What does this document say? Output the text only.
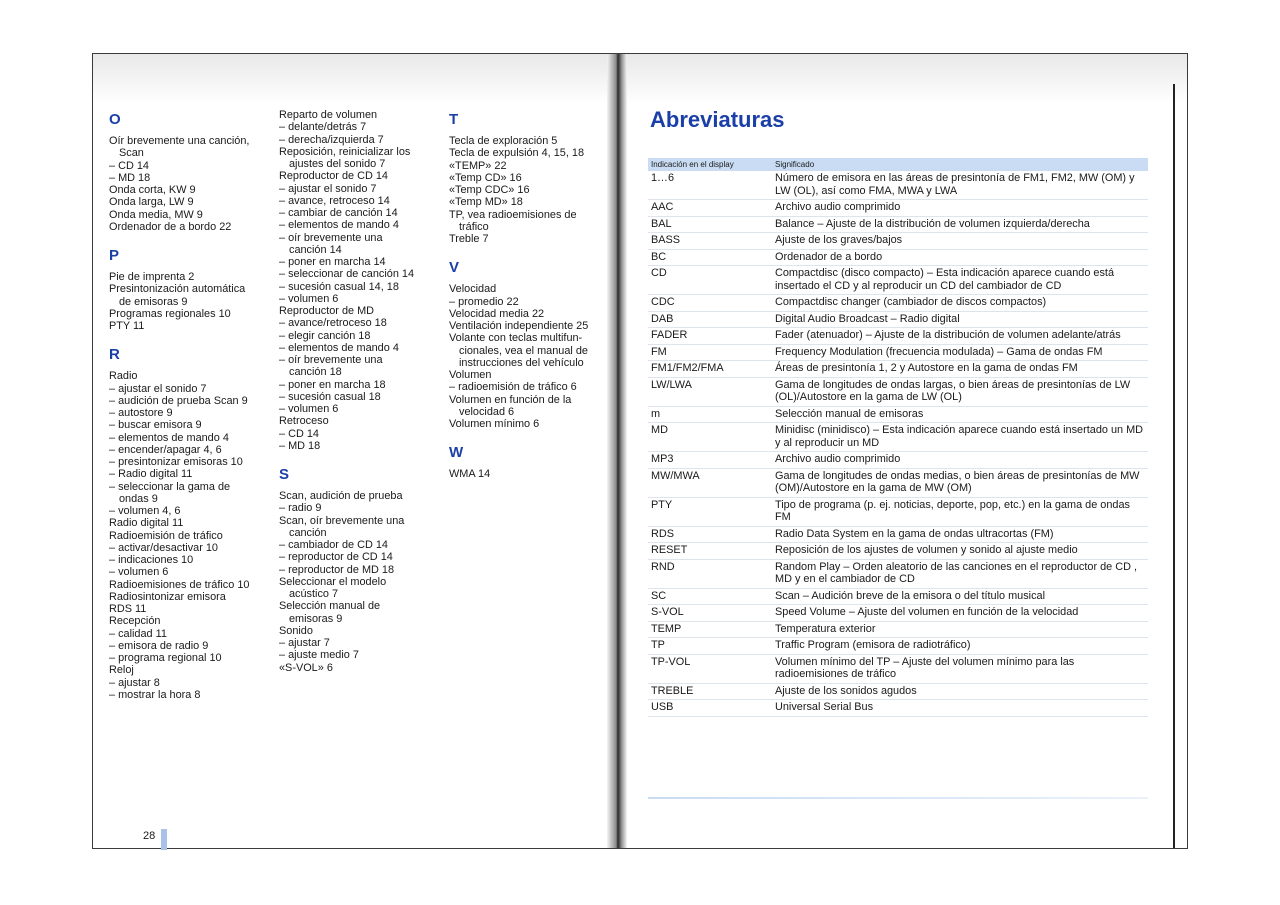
O
Oír brevemente una canción,
Scan
– CD 14
– MD 18
Onda corta, KW 9
Onda larga, LW 9
Onda media, MW 9
Ordenador de a bordo 22
P
Pie de imprenta 2
Presintonización automática
de emisoras 9
Programas regionales 10
PTY 11
R
Radio
– ajustar el sonido 7
– audición de prueba Scan 9
– autostore 9
– buscar emisora 9
– elementos de mando 4
– encender/apagar 4, 6
– presintonizar emisoras 10
– Radio digital 11
– seleccionar la gama de
ondas 9
– volumen 4, 6
Radio digital 11
Radioemisión de tráfico
– activar/desactivar 10
– indicaciones 10
– volumen 6
Radioemisiones de tráfico 10
Radiosintonizar emisora
RDS 11
Recepción
– calidad 11
– emisora de radio 9
– programa regional 10
Reloj
– ajustar 8
– mostrar la hora 8
Reparto de volumen
– delante/detrás 7
– derecha/izquierda 7
Reposición, reinicializar los
ajustes del sonido 7
Reproductor de CD 14
– ajustar el sonido 7
– avance, retroceso 14
– cambiar de canción 14
– elementos de mando 4
– oír brevemente una
canción 14
– poner en marcha 14
– seleccionar de canción 14
– sucesión casual 14, 18
– volumen 6
Reproductor de MD
– avance/retroceso 18
– elegir canción 18
– elementos de mando 4
– oír brevemente una
canción 18
– poner en marcha 18
– sucesión casual 18
– volumen 6
Retroceso
– CD 14
– MD 18
S
Scan, audición de prueba
– radio 9
Scan, oír brevemente una
canción
– cambiador de CD 14
– reproductor de CD 14
– reproductor de MD 18
Seleccionar el modelo
acústico 7
Selección manual de
emisoras 9
Sonido
– ajustar 7
– ajuste medio 7
«S-VOL» 6
T
Tecla de exploración 5
Tecla de expulsión 4, 15, 18
«TEMP» 22
«Temp CD» 16
«Temp CDC» 16
«Temp MD» 18
TP, vea radioemisiones de
tráfico
Treble 7
V
Velocidad
– promedio 22
Velocidad media 22
Ventilación independiente 25
Volante con teclas multifun-
cionales, vea el manual de
instrucciones del vehículo
Volumen
– radioemisión de tráfico 6
Volumen en función de la
velocidad 6
Volumen mínimo 6
W
WMA 14
28
Abreviaturas
Indicación en el display	Significado
1…6	Número de emisora en las áreas de presintonía de FM1, FM2, MW (OM) y LW (OL), así como FMA, MWA y LWA
AAC	Archivo audio comprimido
BAL	Balance – Ajuste de la distribución de volumen izquierda/derecha
BASS	Ajuste de los graves/bajos
BC	Ordenador de a bordo
CD	Compactdisc (disco compacto) – Esta indicación aparece cuando está insertado el CD y al reproducir un CD del cambiador de CD
CDC	Compactdisc changer (cambiador de discos compactos)
DAB	Digital Audio Broadcast – Radio digital
FADER	Fader (atenuador) – Ajuste de la distribución de volumen adelante/atrás
FM	Frequency Modulation (frecuencia modulada) – Gama de ondas FM
FM1/FM2/FMA	Áreas de presintonía 1, 2 y Autostore en la gama de ondas FM
LW/LWA	Gama de longitudes de ondas largas, o bien áreas de presintonías de LW (OL)/Autostore en la gama de LW (OL)
m	Selección manual de emisoras
MD	Minidisc (minidisco) – Esta indicación aparece cuando está insertado un MD y al reproducir un MD
MP3	Archivo audio comprimido
MW/MWA	Gama de longitudes de ondas medias, o bien áreas de presintonías de MW (OM)/Autostore en la gama de MW (OM)
PTY	Tipo de programa (p. ej. noticias, deporte, pop, etc.) en la gama de ondas FM
RDS	Radio Data System en la gama de ondas ultracortas (FM)
RESET	Reposición de los ajustes de volumen y sonido al ajuste medio
RND	Random Play – Orden aleatorio de las canciones en el reproductor de CD , MD y en el cambiador de CD
SC	Scan – Audición breve de la emisora o del título musical
S-VOL	Speed Volume – Ajuste del volumen en función de la velocidad
TEMP	Temperatura exterior
TP	Traffic Program (emisora de radiotráfico)
TP-VOL	Volumen mínimo del TP – Ajuste del volumen mínimo para las radioemisiones de tráfico
TREBLE	Ajuste de los sonidos agudos
USB	Universal Serial Bus
